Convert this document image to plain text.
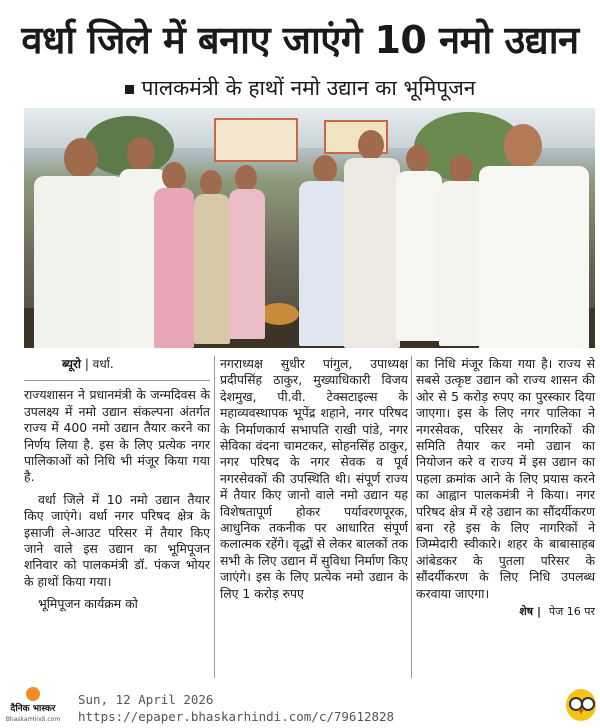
वर्धा जिले में बनाए जाएंगे 10 नमो उद्यान
पालकमंत्री के हाथों नमो उद्यान का भूमिपूजन
ब्यूरो | वर्धा.

राज्यशासन ने प्रधानमंत्री के जन्मदिवस के उपलक्ष्य में नमो उद्यान संकल्पना अंतर्गत राज्य में 400 नमो उद्यान तैयार करने का निर्णय लिया है. इस के लिए प्रत्येक नगर पालिकाओं को निधि भी मंजूर किया गया है.

वर्धा जिले में 10 नमो उद्यान तैयार किए जाएंगे। वर्धा नगर परिषद क्षेत्र के इसाजी ले-आउट परिसर में तैयार किए जाने वाले इस उद्यान का भूमिपूजन शनिवार को पालकमंत्री डॉ. पंकज भोयर के हाथों किया गया।

भूमिपूजन कार्यक्रम को

नगराध्यक्ष सुधीर पांगुल, उपाध्यक्ष प्रदीपसिंह ठाकुर, मुख्याधिकारी विजय देशमुख, पी.वी. टेक्सटाइल्स के महाव्यवस्थापक भूपेंद्र शहाने, नगर परिषद के निर्माणकार्य सभापति राखी पांडे, नगर सेविका वंदना चामटकर, सोहनसिंह ठाकुर, नगर परिषद के नगर सेवक व पूर्व नगरसेवकों की उपस्थिति थी। संपूर्ण राज्य में तैयार किए जानो वाले नमो उद्यान यह विशेषतापूर्ण होकर पर्यावरणपूरक, आधुनिक तकनीक पर आधारित संपूर्ण कलात्मक रहेंगे। वृद्धों से लेकर बालकों तक सभी के लिए उद्यान में सुविधा निर्माण किए जाएंगे। इस के लिए प्रत्येक नमो उद्यान के लिए 1 करोड़ रुपए

का निधि मंजूर किया गया है। राज्य से सबसे उत्कृष्ट उद्यान को राज्य शासन की ओर से 5 करोड़ रुपए का पुरस्कार दिया जाएगा। इस के लिए नगर पालिका ने नगरसेवक, परिसर के नागरिकों की समिति तैयार कर नमो उद्यान का नियोजन करे व राज्य में इस उद्यान का पहला क्रमांक आने के लिए प्रयास करने का आह्वान पालकमंत्री ने किया। नगर परिषद क्षेत्र में रहे उद्यान का सौंदर्यीकरण बना रहे इस के लिए नागरिकों ने जिम्मेदारी स्वीकारे। शहर के बाबासाहब आंबेडकर के पुतला परिसर के सौंदर्यीकरण के लिए निधि उपलब्ध करवाया जाएगा।

शेष | पेज 16 पर
दैनिक भास्कर
BhaskarHindi.com
Sun, 12 April 2026
https://epaper.bhaskarhindi.com/c/79612828
